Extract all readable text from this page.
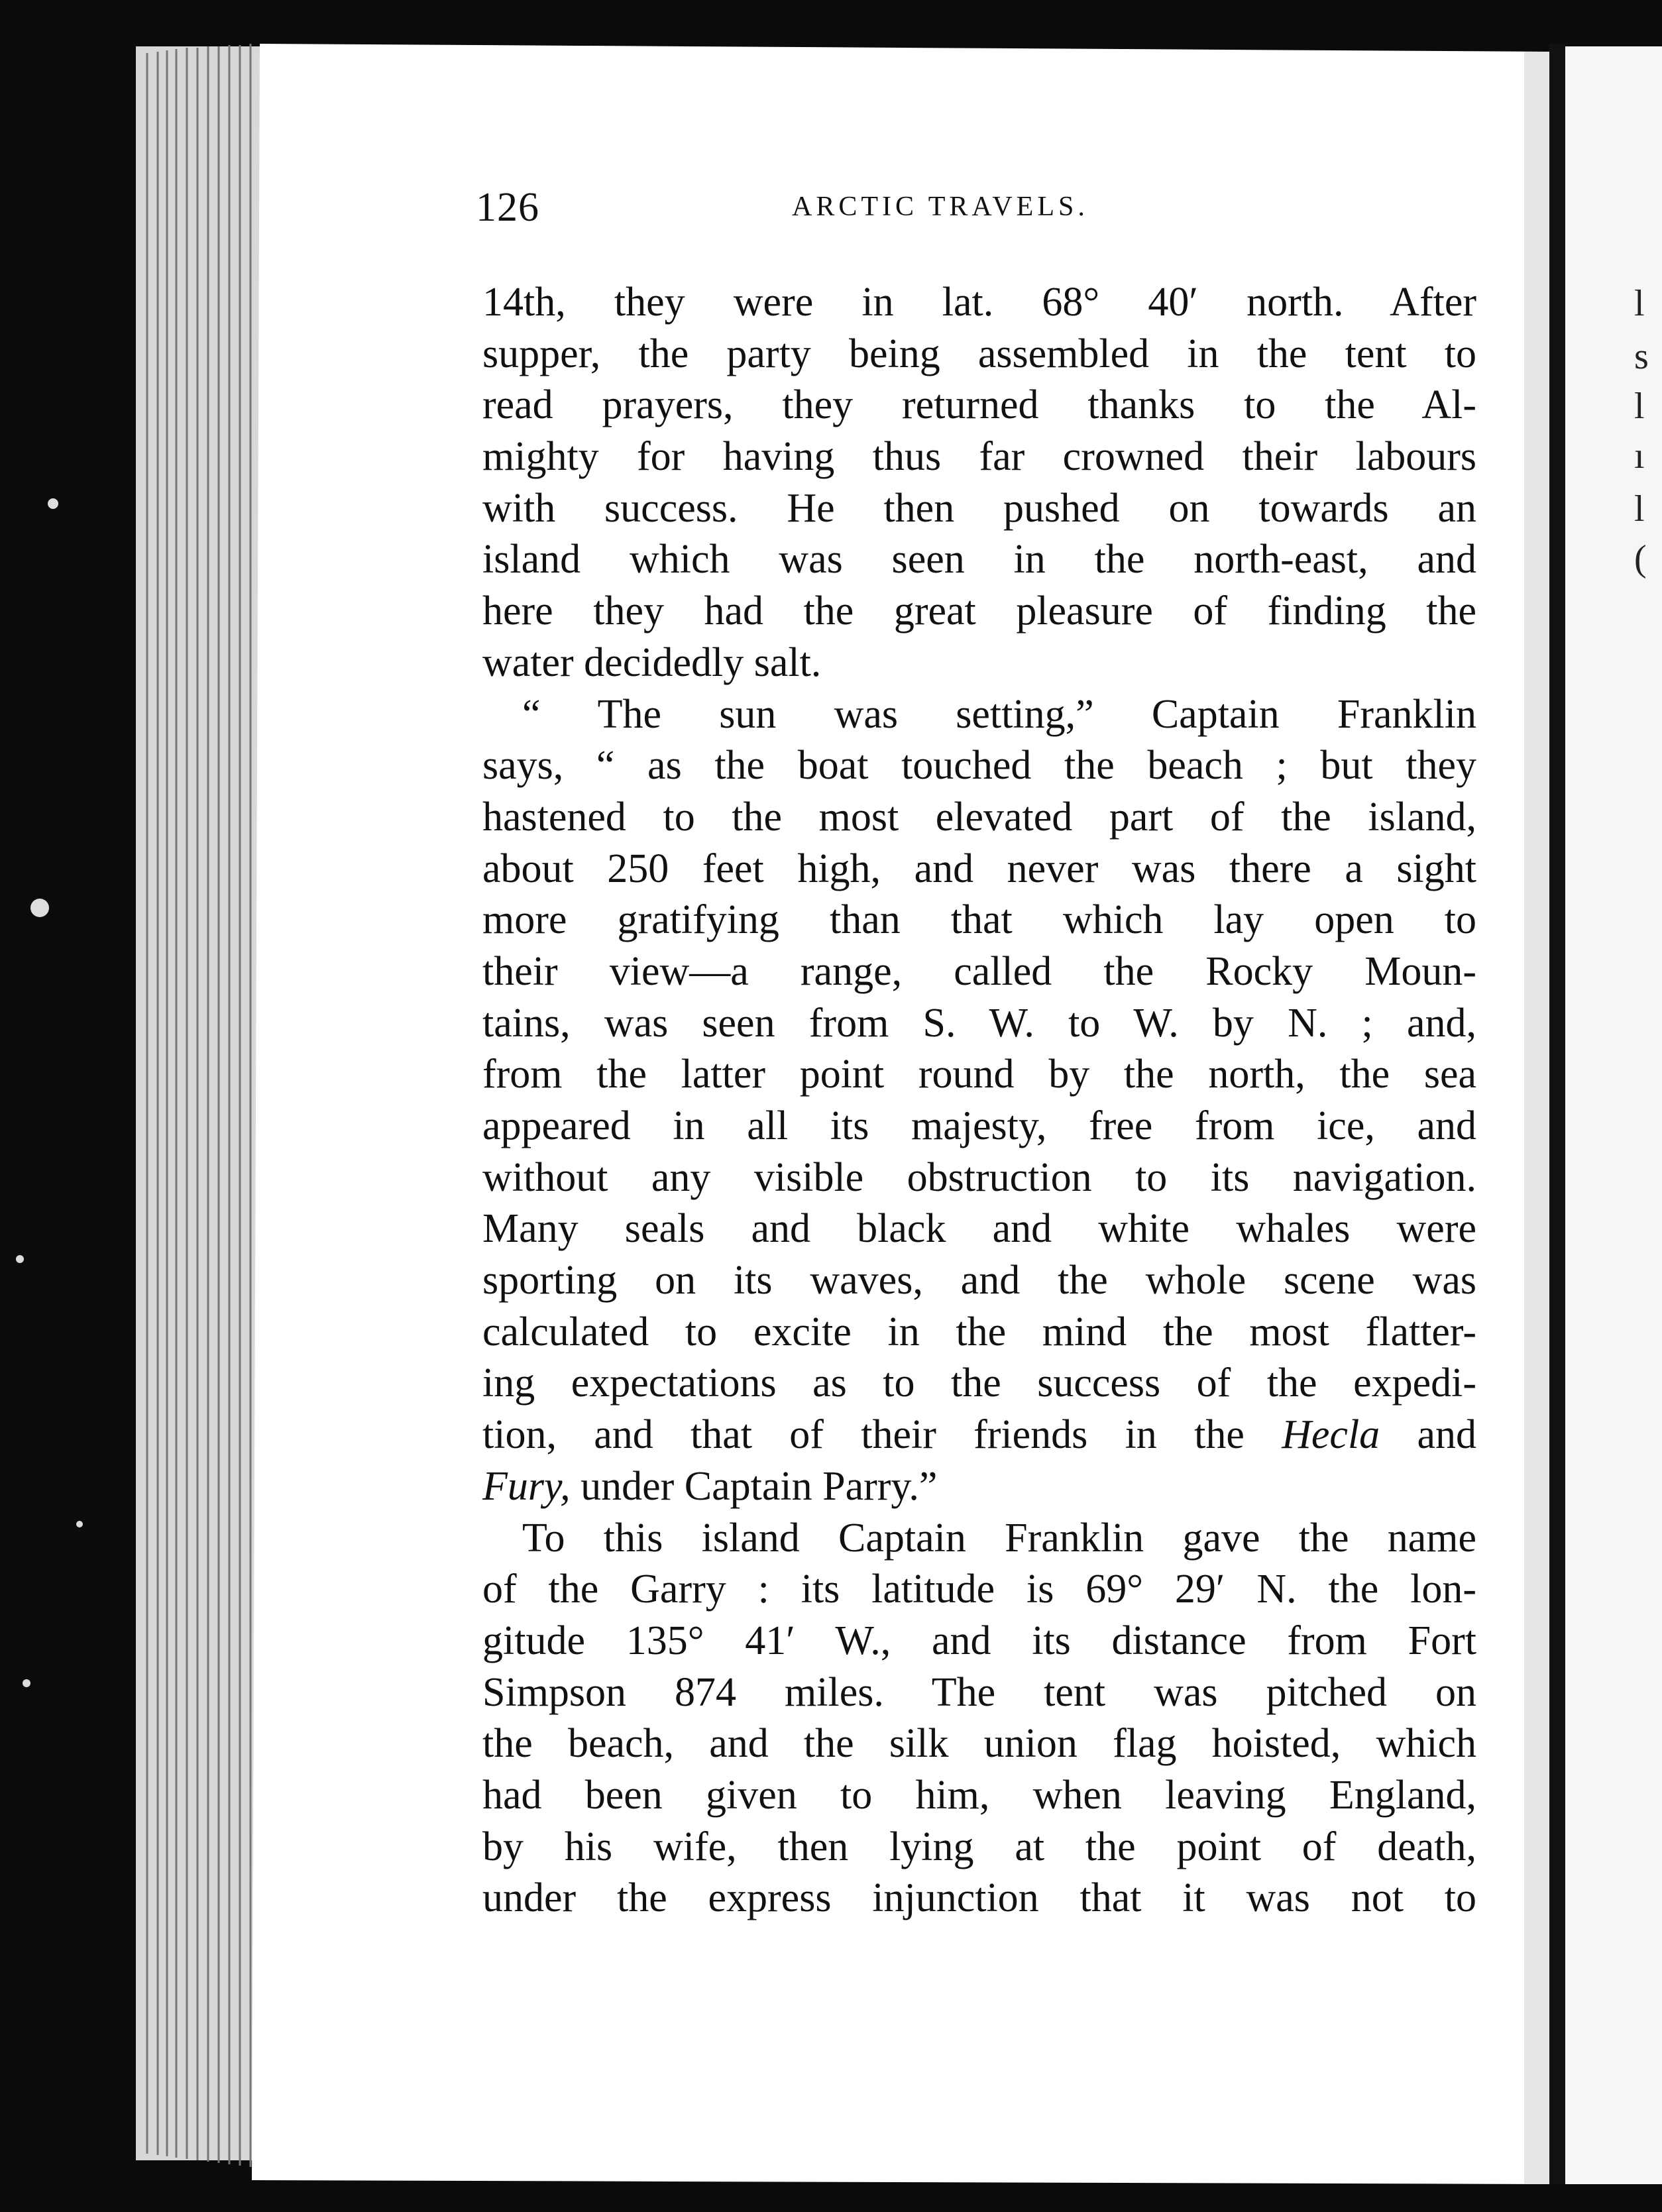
126	ARCTIC TRAVELS.
14th, they were in lat. 68° 40′ north. After
supper, the party being assembled in the tent to
read prayers, they returned thanks to the Al-
mighty for having thus far crowned their labours
with success. He then pushed on towards an
island which was seen in the north-east, and
here they had the great pleasure of finding the
water decidedly salt.
“ The sun was setting,” Captain Franklin
says, “ as the boat touched the beach ; but they
hastened to the most elevated part of the island,
about 250 feet high, and never was there a sight
more gratifying than that which lay open to
their view—a range, called the Rocky Moun-
tains, was seen from S. W. to W. by N. ; and,
from the latter point round by the north, the sea
appeared in all its majesty, free from ice, and
without any visible obstruction to its navigation.
Many seals and black and white whales were
sporting on its waves, and the whole scene was
calculated to excite in the mind the most flatter-
ing expectations as to the success of the expedi-
tion, and that of their friends in the Hecla and
Fury, under Captain Parry.”
To this island Captain Franklin gave the name
of the Garry : its latitude is 69° 29′ N. the lon-
gitude 135° 41′ W., and its distance from Fort
Simpson 874 miles. The tent was pitched on
the beach, and the silk union flag hoisted, which
had been given to him, when leaving England,
by his wife, then lying at the point of death,
under the express injunction that it was not to
l
s
l
ı
l
(
